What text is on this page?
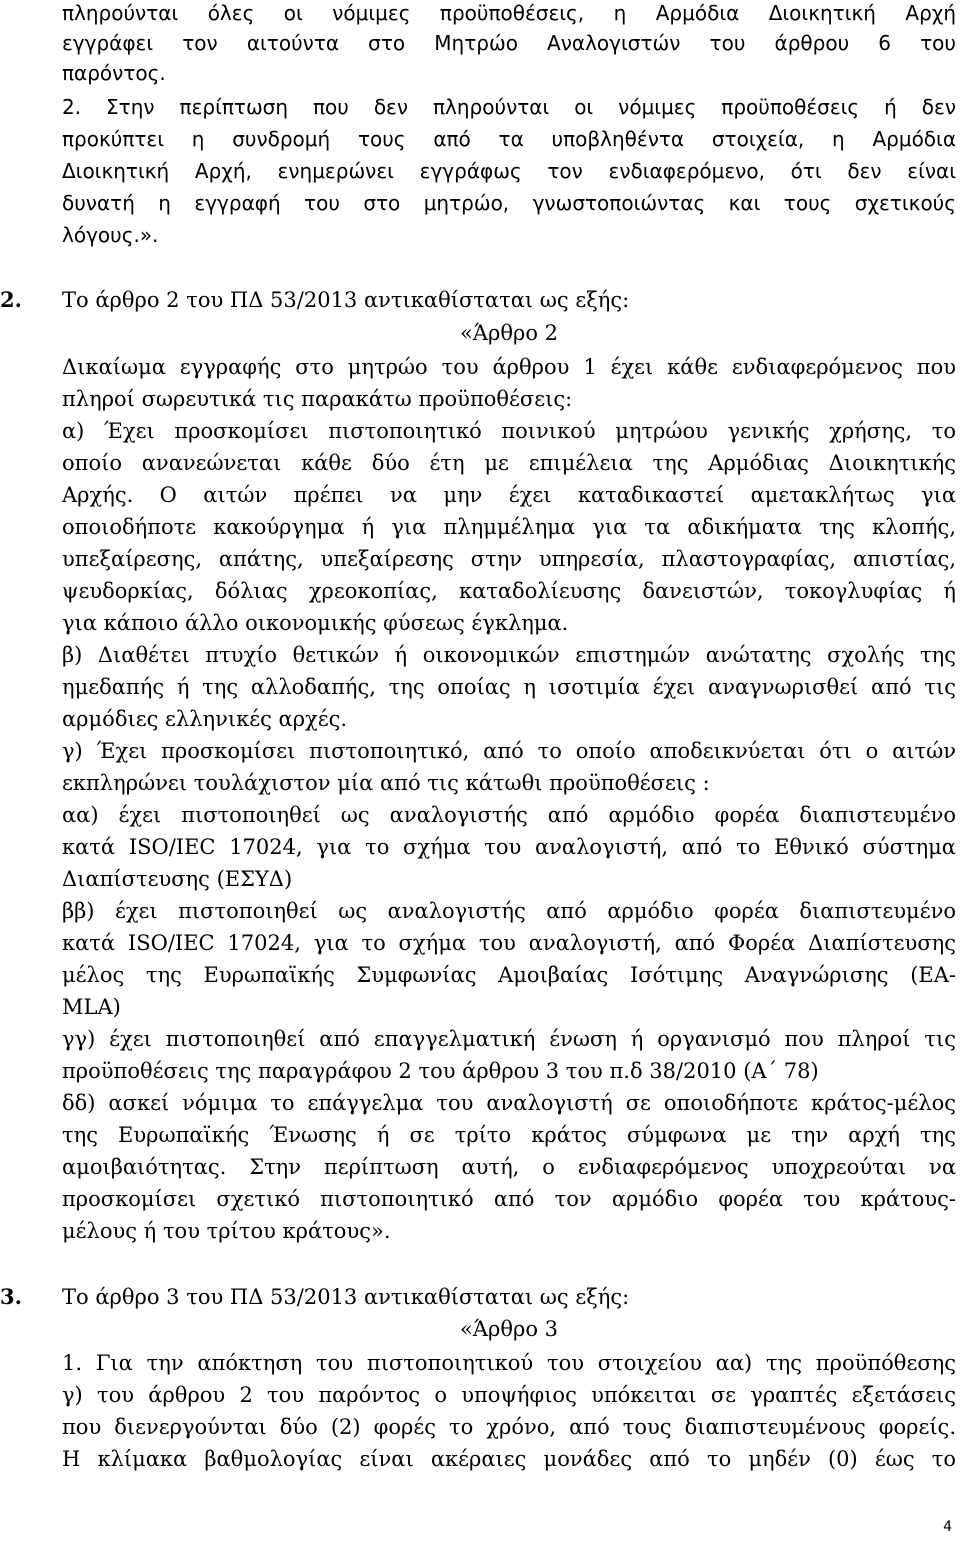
πληρούνται όλες οι νόμιμες προϋποθέσεις, η Αρμόδια Διοικητική Αρχή
εγγράφει τον αιτούντα στο Μητρώο Αναλογιστών του άρθρου 6 του
παρόντος.
2. Στην περίπτωση που δεν πληρούνται οι νόμιμες προϋποθέσεις ή δεν
προκύπτει η συνδρομή τους από τα υποβληθέντα στοιχεία, η Αρμόδια
Διοικητική Αρχή, ενημερώνει εγγράφως τον ενδιαφερόμενο, ότι δεν είναι
δυνατή η εγγραφή του στο μητρώο, γνωστοποιώντας και τους σχετικούς
λόγους.».
2. Το άρθρο 2 του ΠΔ 53/2013 αντικαθίσταται ως εξής:
«Άρθρο 2
Δικαίωμα εγγραφής στο μητρώο του άρθρου 1 έχει κάθε ενδιαφερόμενος που
πληροί σωρευτικά τις παρακάτω προϋποθέσεις:
α) Έχει προσκομίσει πιστοποιητικό ποινικού μητρώου γενικής χρήσης, το
οποίο ανανεώνεται κάθε δύο έτη με επιμέλεια της Αρμόδιας Διοικητικής
Αρχής. Ο αιτών πρέπει να μην έχει καταδικαστεί αμετακλήτως για
οποιοδήποτε κακούργημα ή για πλημμέλημα για τα αδικήματα της κλοπής,
υπεξαίρεσης, απάτης, υπεξαίρεσης στην υπηρεσία, πλαστογραφίας, απιστίας,
ψευδορκίας, δόλιας χρεοκοπίας, καταδολίευσης δανειστών, τοκογλυφίας ή
για κάποιο άλλο οικονομικής φύσεως έγκλημα.
β) Διαθέτει πτυχίο θετικών ή οικονομικών επιστημών ανώτατης σχολής της
ημεδαπής ή της αλλοδαπής, της οποίας η ισοτιμία έχει αναγνωρισθεί από τις
αρμόδιες ελληνικές αρχές.
γ) Έχει προσκομίσει πιστοποιητικό, από το οποίο αποδεικνύεται ότι ο αιτών
εκπληρώνει τουλάχιστον μία από τις κάτωθι προϋποθέσεις :
αα) έχει πιστοποιηθεί ως αναλογιστής από αρμόδιο φορέα διαπιστευμένο
κατά ISO/IEC 17024, για το σχήμα του αναλογιστή, από το Εθνικό σύστημα
Διαπίστευσης (ΕΣΥΔ)
ββ) έχει πιστοποιηθεί ως αναλογιστής από αρμόδιο φορέα διαπιστευμένο
κατά ISO/IEC 17024, για το σχήμα του αναλογιστή, από Φορέα Διαπίστευσης
μέλος της Ευρωπαϊκής Συμφωνίας Αμοιβαίας Ισότιμης Αναγνώρισης (EA-
MLA)
γγ) έχει πιστοποιηθεί από επαγγελματική ένωση ή οργανισμό που πληροί τις
προϋποθέσεις της παραγράφου 2 του άρθρου 3 του π.δ 38/2010 (Α΄ 78)
δδ) ασκεί νόμιμα το επάγγελμα του αναλογιστή σε οποιοδήποτε κράτος-μέλος
της Ευρωπαϊκής Ένωσης ή σε τρίτο κράτος σύμφωνα με την αρχή της
αμοιβαιότητας. Στην περίπτωση αυτή, ο ενδιαφερόμενος υποχρεούται να
προσκομίσει σχετικό πιστοποιητικό από τον αρμόδιο φορέα του κράτους-
μέλους ή του τρίτου κράτους».
3. Το άρθρο 3 του ΠΔ 53/2013 αντικαθίσταται ως εξής:
«Άρθρο 3
1. Για την απόκτηση του πιστοποιητικού του στοιχείου αα) της προϋπόθεσης
γ) του άρθρου 2 του παρόντος ο υποψήφιος υπόκειται σε γραπτές εξετάσεις
που διενεργούνται δύο (2) φορές το χρόνο, από τους διαπιστευμένους φορείς.
Η κλίμακα βαθμολογίας είναι ακέραιες μονάδες από το μηδέν (0) έως το
4
